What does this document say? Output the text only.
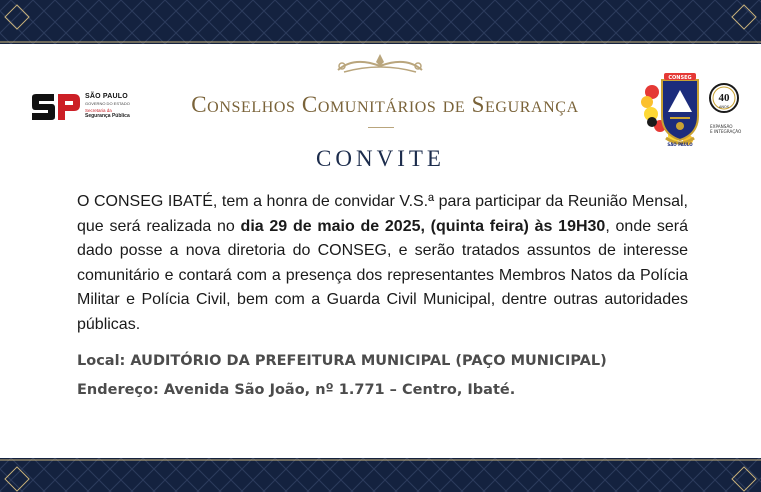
SÃO PAULO
GOVERNO DO ESTADO
Secretaria da
Segurança Pública	Conselhos Comunitários de Segurança
CONVITE
CONSEG
SÃO PAULO
40
ANOS
EXPANSÃO
E INTEGRAÇÃO
O CONSEG IBATÉ, tem a honra de convidar V.S.ª para participar da Reunião Mensal, que será realizada no dia 29 de maio de 2025, (quinta feira) às 19H30, onde será dado posse a nova diretoria do CONSEG, e serão tratados assuntos de interesse comunitário e contará com a presença dos representantes Membros Natos da Polícia Militar e Polícia Civil, bem com a Guarda Civil Municipal, dentre outras autoridades públicas.
Local: AUDITÓRIO DA PREFEITURA MUNICIPAL (PAÇO MUNICIPAL)
Endereço: Avenida São João, nº 1.771 – Centro, Ibaté.
